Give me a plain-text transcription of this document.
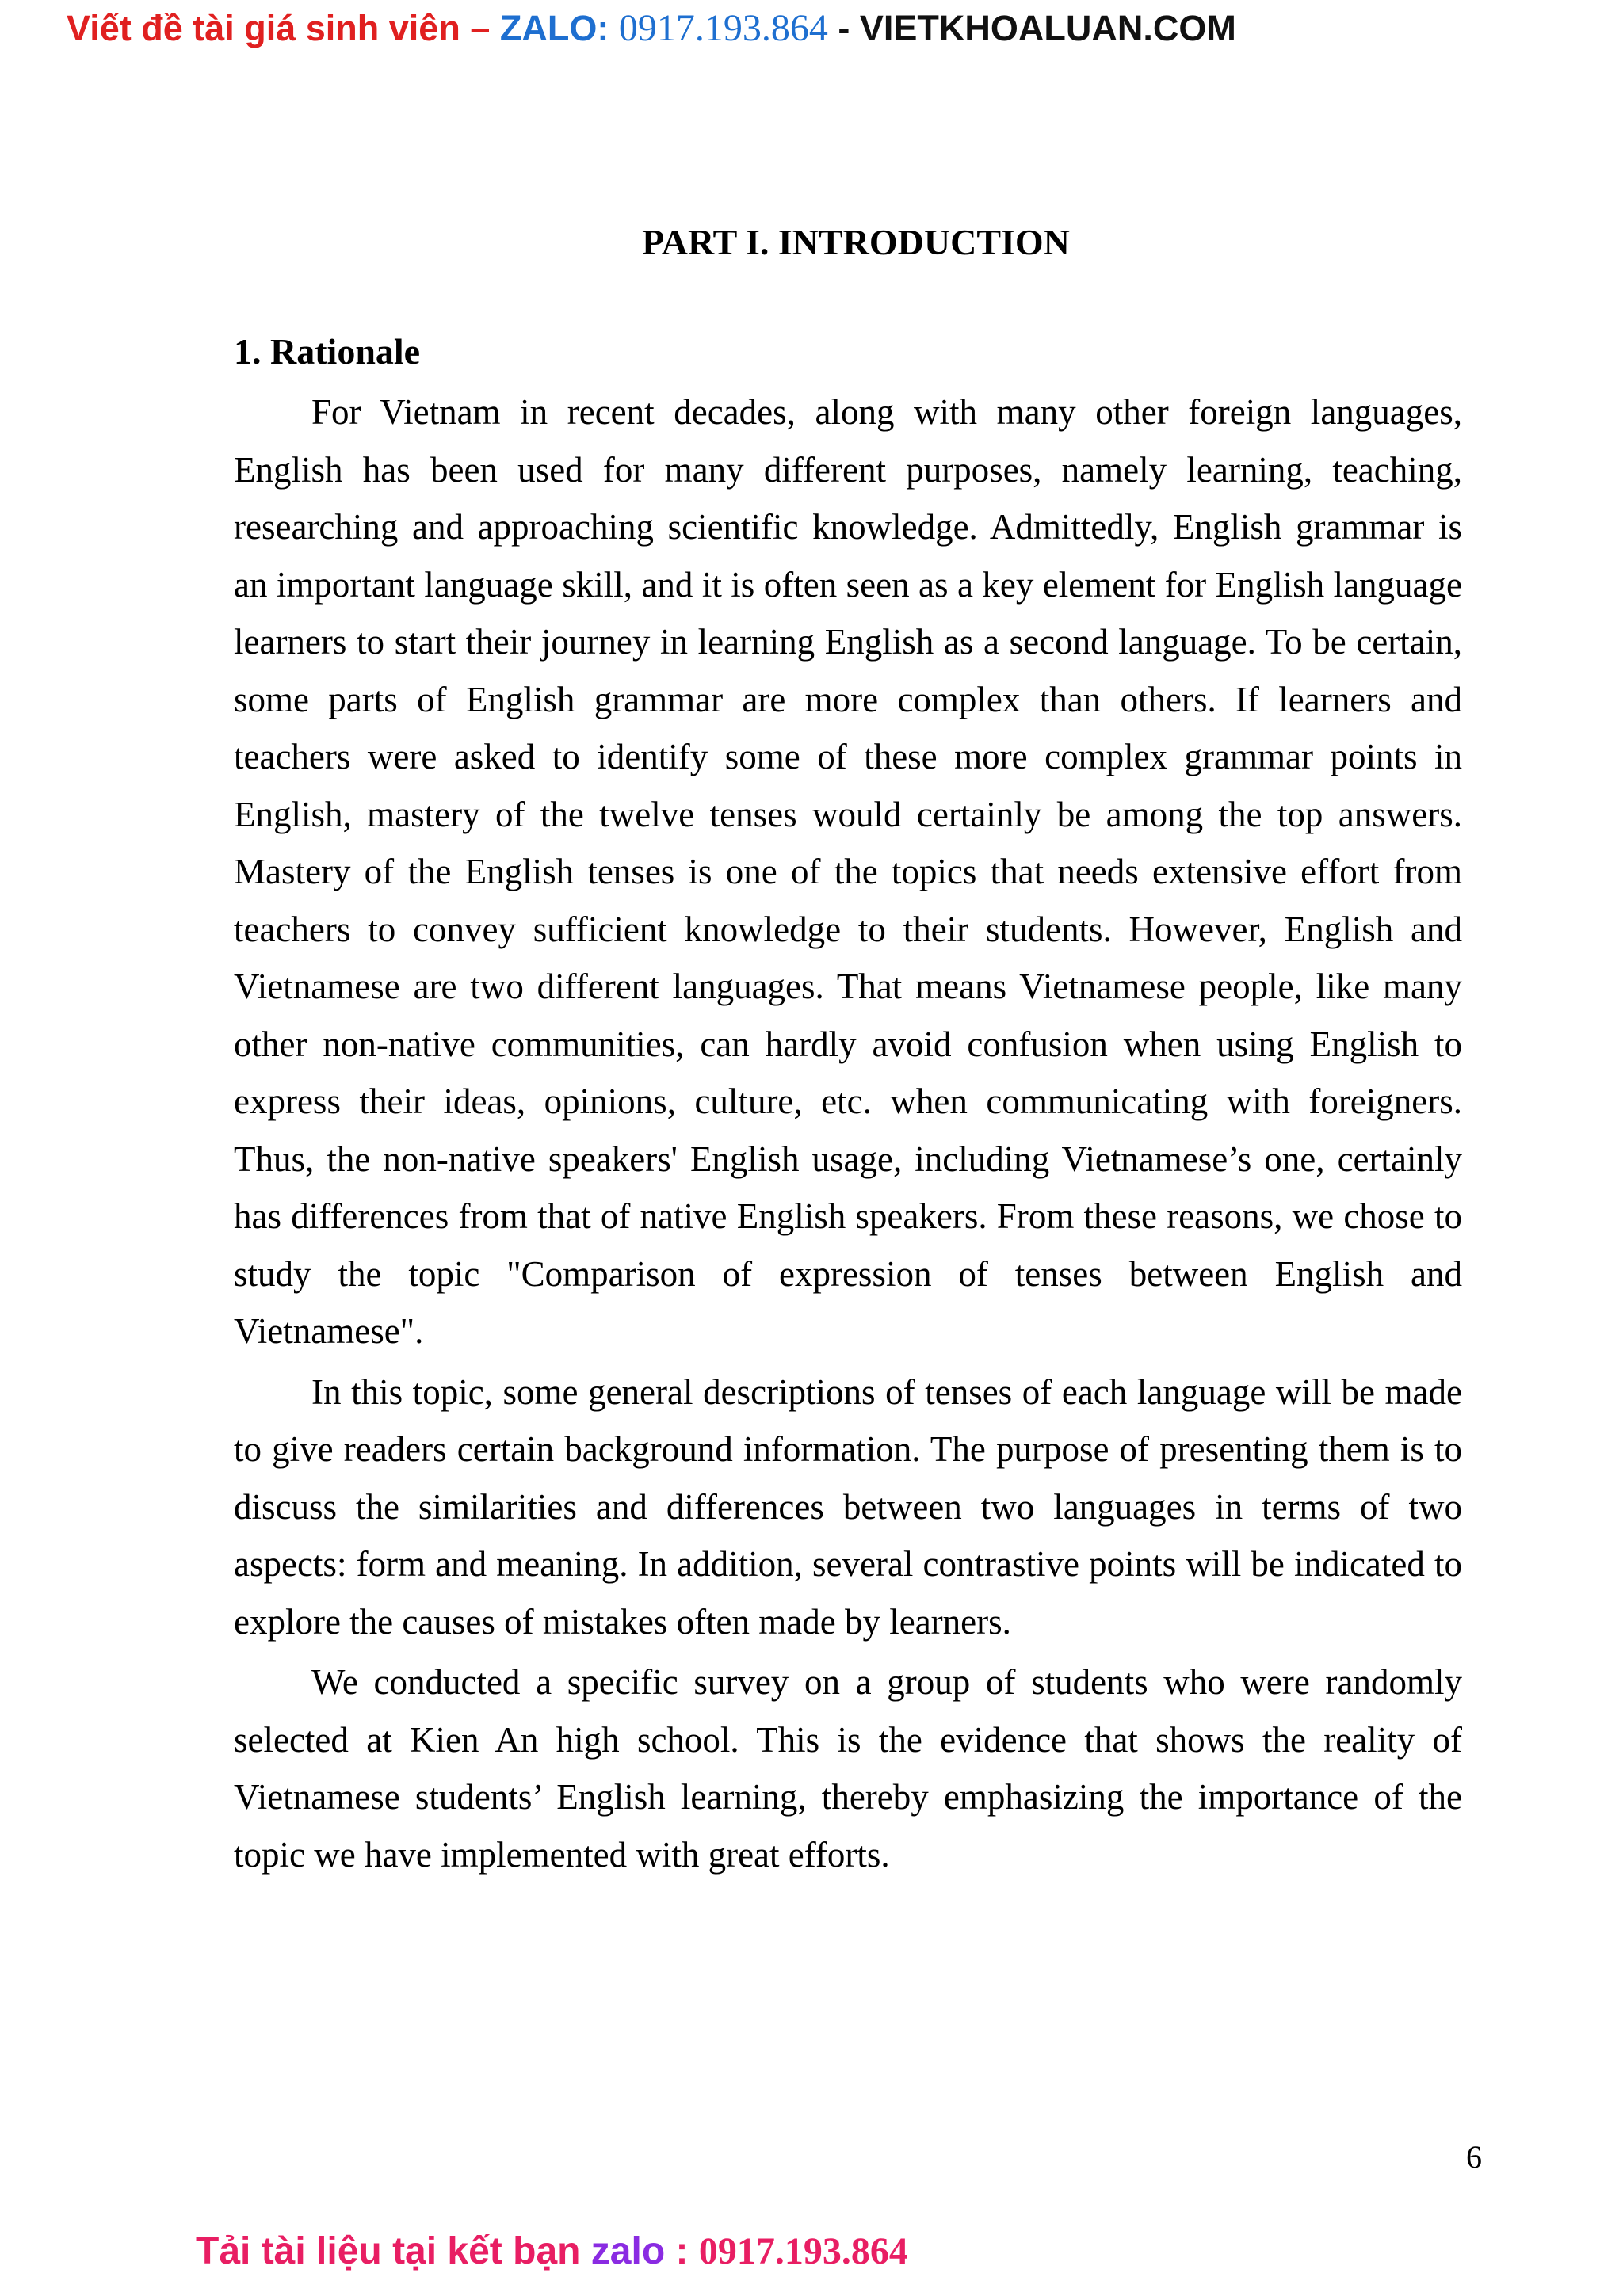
Viết đề tài giá sinh viên – ZALO: 0917.193.864 - VIETKHOALUAN.COM
PART I. INTRODUCTION
1. Rationale

For Vietnam in recent decades, along with many other foreign languages, English has been used for many different purposes, namely learning, teaching, researching and approaching scientific knowledge. Admittedly, English grammar is an important language skill, and it is often seen as a key element for English language learners to start their journey in learning English as a second language. To be certain, some parts of English grammar are more complex than others. If learners and teachers were asked to identify some of these more complex grammar points in English, mastery of the twelve tenses would certainly be among the top answers. Mastery of the English tenses is one of the topics that needs extensive effort from teachers to convey sufficient knowledge to their students. However, English and Vietnamese are two different languages. That means Vietnamese people, like many other non-native communities, can hardly avoid confusion when using English to express their ideas, opinions, culture, etc. when communicating with foreigners. Thus, the non-native speakers' English usage, including Vietnamese’s one, certainly has differences from that of native English speakers. From these reasons, we chose to study the topic "Comparison of expression of tenses between English and Vietnamese".

In this topic, some general descriptions of tenses of each language will be made to give readers certain background information. The purpose of presenting them is to discuss the similarities and differences between two languages in terms of two aspects: form and meaning. In addition, several contrastive points will be indicated to explore the causes of mistakes often made by learners.

We conducted a specific survey on a group of students who were randomly selected at Kien An high school. This is the evidence that shows the reality of Vietnamese students’ English learning, thereby emphasizing the importance of the topic we have implemented with great efforts.

6
Tải tài liệu tại kết bạn zalo : 0917.193.864
